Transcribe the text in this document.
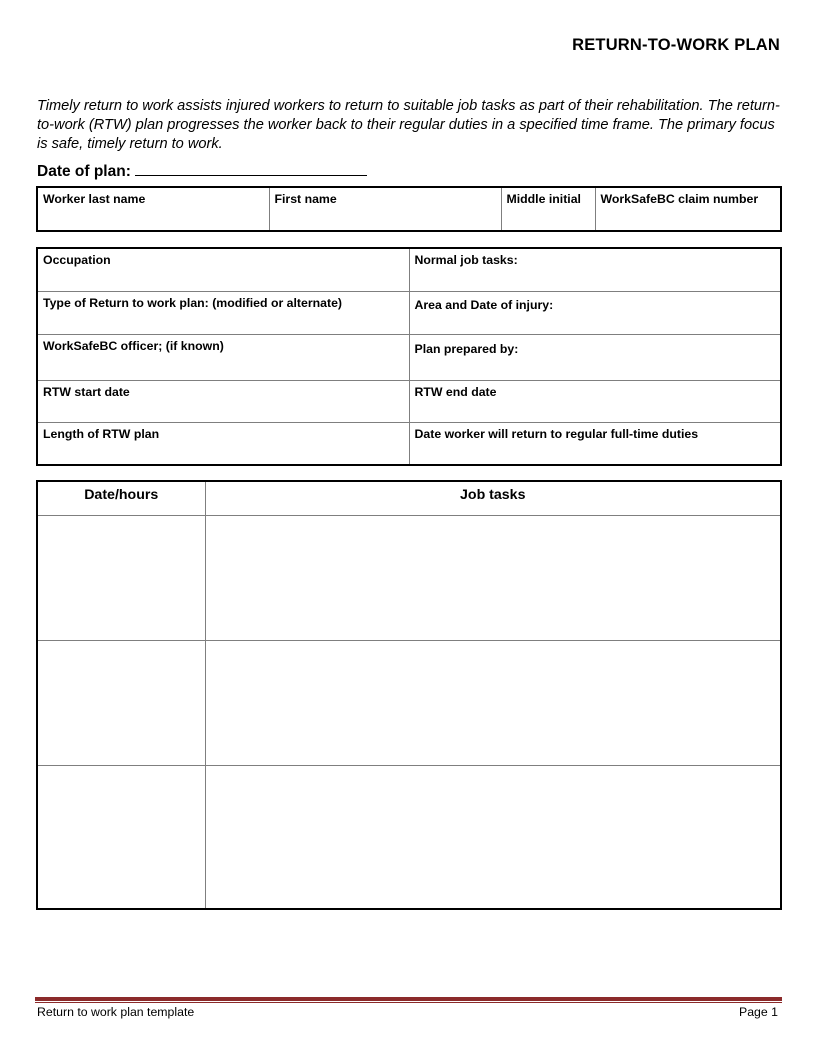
RETURN-TO-WORK PLAN

Timely return to work assists injured workers to return to suitable job tasks as part of their rehabilitation. The return-to-work (RTW) plan progresses the worker back to their regular duties in a specified time frame. The primary focus is safe, timely return to work.

Date of plan:
Worker last name	First name	Middle initial	WorkSafeBC claim number
Occupation	Normal job tasks:

Type of Return to work plan: (modified or alternate)	Area and Date of injury:

WorkSafeBC officer; (if known)	Plan prepared by:

RTW start date	RTW end date

Length of RTW plan	Date worker will return to regular full-time duties
Date/hours	Job tasks

Return to work plan template	Page 1
